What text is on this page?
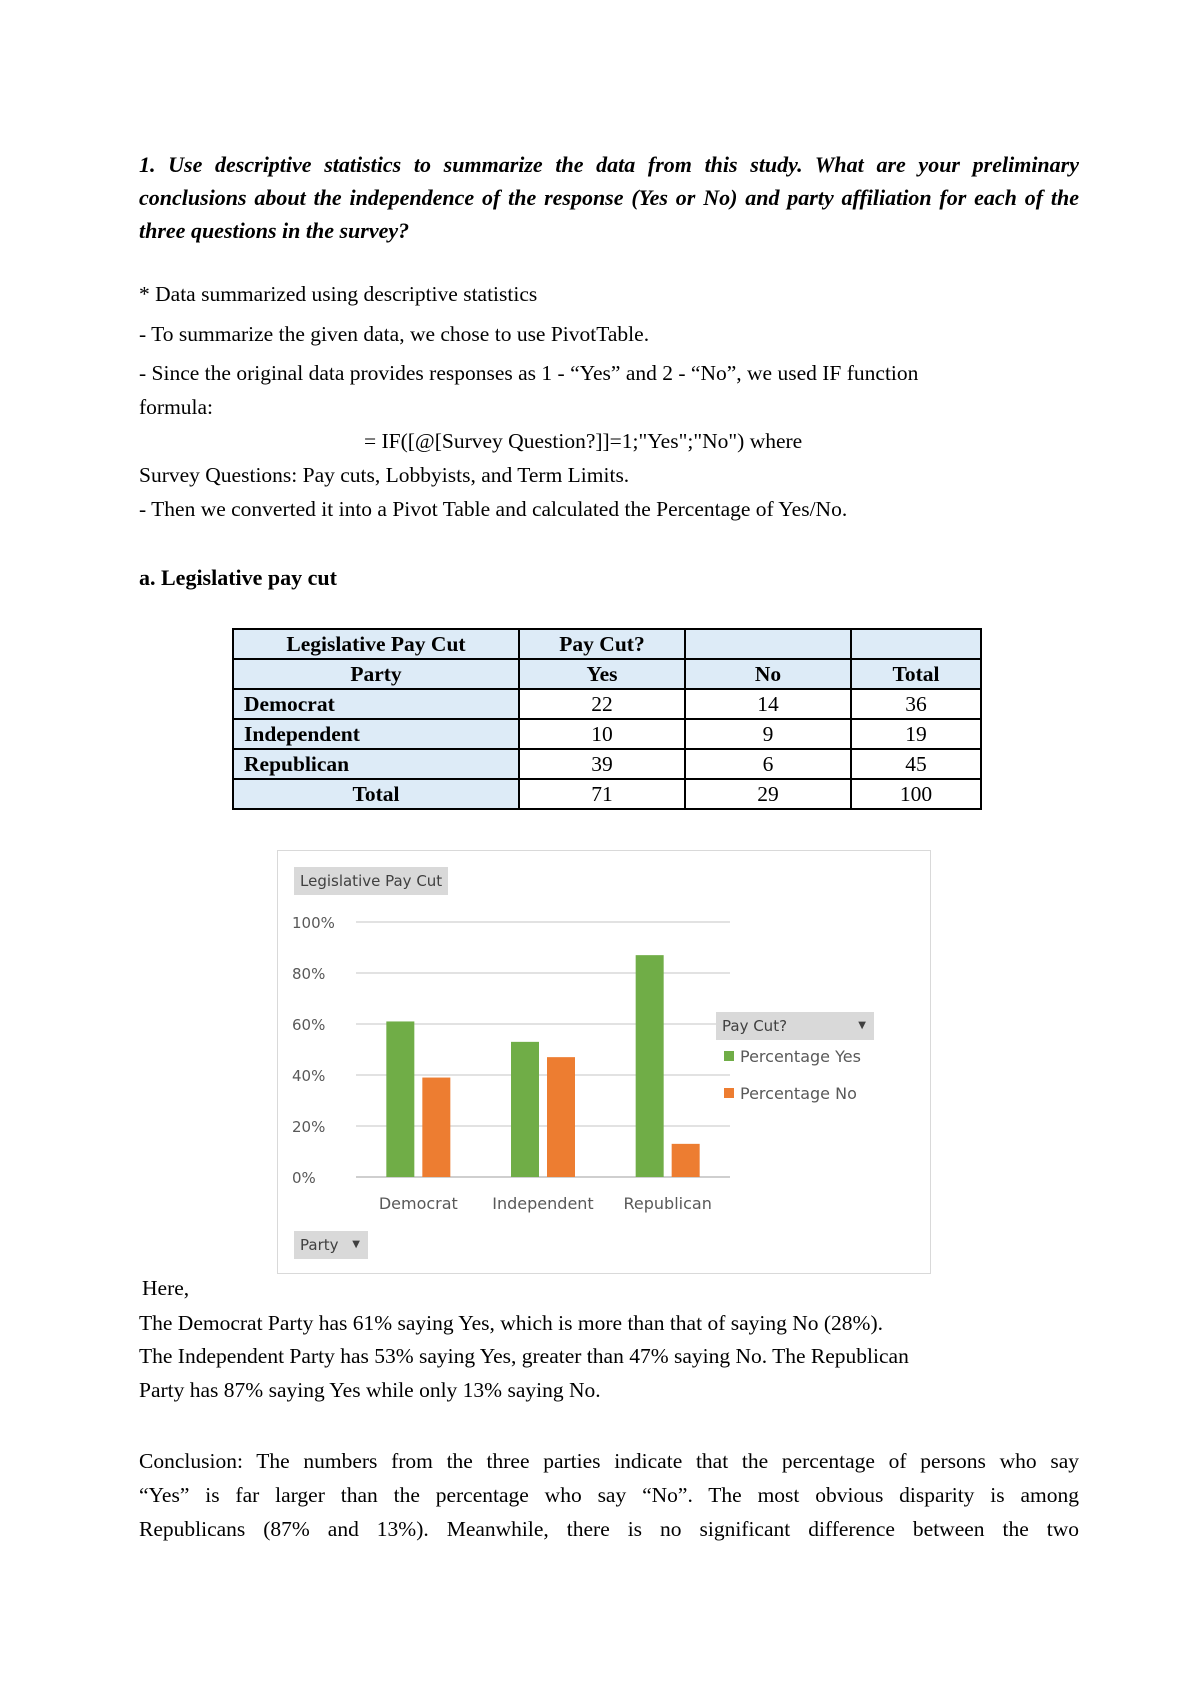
1. Use descriptive statistics to summarize the data from this study. What are your preliminary conclusions about the independence of the response (Yes or No) and party affiliation for each of the three questions in the survey?
* Data summarized using descriptive statistics
- To summarize the given data, we chose to use PivotTable.
- Since the original data provides responses as 1 - “Yes” and 2 - “No”, we used IF function
formula:
= IF([@[Survey Question?]]=1;"Yes";"No") where
Survey Questions: Pay cuts, Lobbyists, and Term Limits.
- Then we converted it into a Pivot Table and calculated the Percentage of Yes/No.
a. Legislative pay cut
Legislative Pay Cut	Pay Cut?		
Party	Yes	No	Total
Democrat	22	14	36
Independent	10	9	19
Republican	39	6	45
Total	71	29	100
Legislative Pay Cut
0%
20%
40%
60%
80%
100%
Democrat Independent Republican
Pay Cut?	▼
Percentage Yes
Percentage No
Party ▼
Here,
The Democrat Party has 61% saying Yes, which is more than that of saying No (28%).
The Independent Party has 53% saying Yes, greater than 47% saying No. The Republican
Party has 87% saying Yes while only 13% saying No.
Conclusion: The numbers from the three parties indicate that the percentage of persons who say
“Yes” is far larger than the percentage who say “No”. The most obvious disparity is among
Republicans (87% and 13%). Meanwhile, there is no significant difference between the two
